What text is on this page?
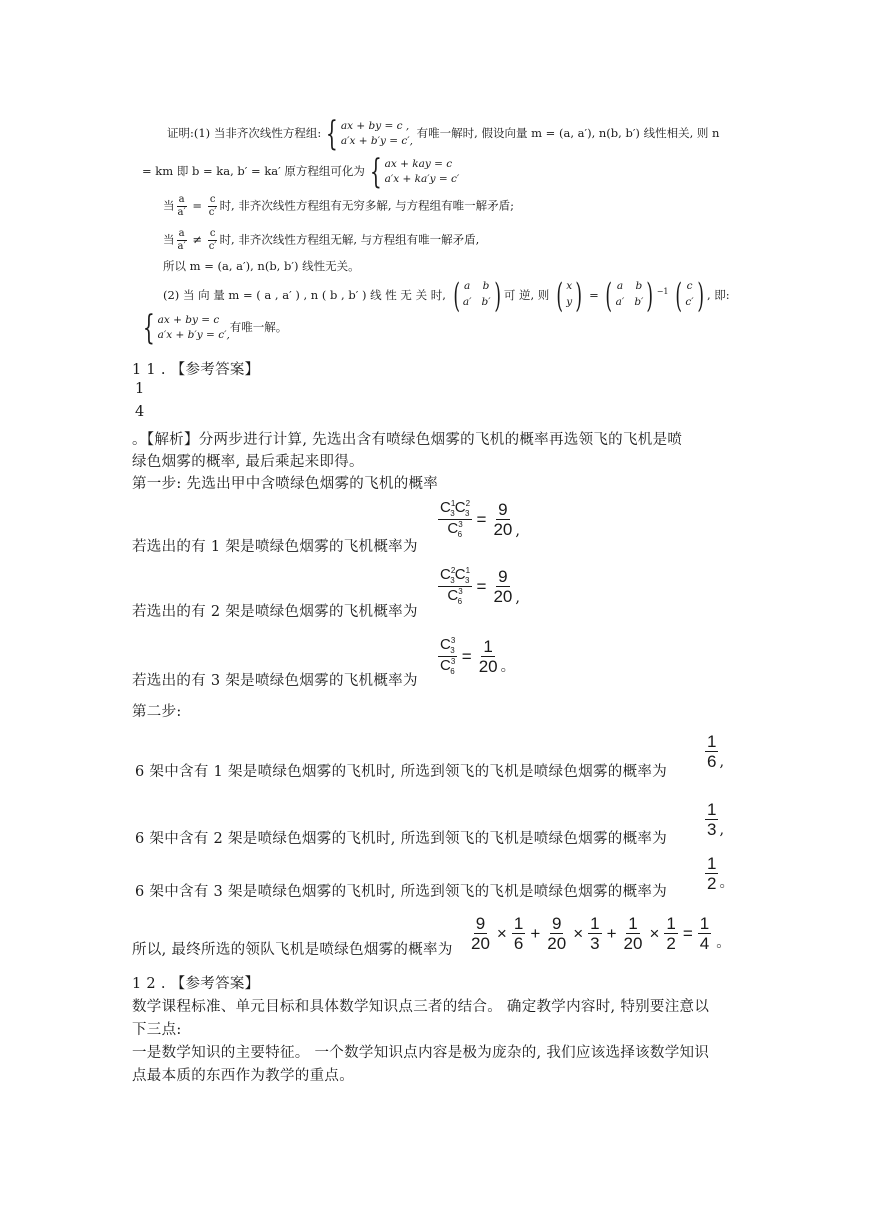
证明:(1) 当非齐次线性方程组: { ax + by = c ,
a′x + b′y = c′,
有唯一解时, 假设向量 m = (a, a′), n(b, b′) 线性相关, 则 n
= km 即 b = ka, b′ = ka′ 原方程组可化为 { ax + kay = c
a′x + ka′y = c′
当 $\frac{a}{a'} = \frac{c}{c'}$ 时, 非齐次线性方程组有无穷多解, 与方程组有唯一解矛盾;
当 $\frac{a}{a'} \ne \frac{c}{c'}$ 时, 非齐次线性方程组无解, 与方程组有唯一解矛盾,
所以 m = (a, a′), n(b, b′) 线性无关。
(2) 当 向 量 m = ( a , a′ ) , n ( b , b′ ) 线 性 无 关 时, ( a
a′
b
b′ ) 可 逆, 则 ( x
y ) = ( a
a′
b
b′ ) $^{-1}$ ( c
c′ ) , 即:
{ ax + by = c
a′x + b′y = c′,
有唯一解。
1 1 . 【参考答案】
1
4
。【解析】分两步进行计算, 先选出含有喷绿色烟雾的飞机的概率再选领飞的飞机是喷
绿色烟雾的概率, 最后乘起来即得。
第一步: 先选出甲中含喷绿色烟雾的飞机的概率
若选出的有 1 架是喷绿色烟雾的飞机概率为
$\frac{C^1_3C^2_3}{C^3_6} = \frac{9}{20}$ ,
若选出的有 2 架是喷绿色烟雾的飞机概率为
$\frac{C^2_3C^1_3}{C^3_6} = \frac{9}{20}$ ,
若选出的有 3 架是喷绿色烟雾的飞机概率为
$\frac{C^3_3}{C^3_6} = \frac{1}{20}$ 。
第二步:
6 架中含有 1 架是喷绿色烟雾的飞机时, 所选到领飞的飞机是喷绿色烟雾的概率为
$\frac{1}{6}$ ,
6 架中含有 2 架是喷绿色烟雾的飞机时, 所选到领飞的飞机是喷绿色烟雾的概率为
$\frac{1}{3}$ ,
6 架中含有 3 架是喷绿色烟雾的飞机时, 所选到领飞的飞机是喷绿色烟雾的概率为 $\frac{1}{2}$ 。
所以, 最终所选的领队飞机是喷绿色烟雾的概率为 $\frac{9}{20} \times \frac{1}{6} + \frac{9}{20} \times \frac{1}{3} + \frac{1}{20} \times \frac{1}{2} = \frac{1}{4}$ 。
1 2 . 【参考答案】
数学课程标准、单元目标和具体数学知识点三者的结合。 确定教学内容时, 特别要注意以
下三点:
一是数学知识的主要特征。 一个数学知识点内容是极为庞杂的, 我们应该选择该数学知识
点最本质的东西作为教学的重点。
